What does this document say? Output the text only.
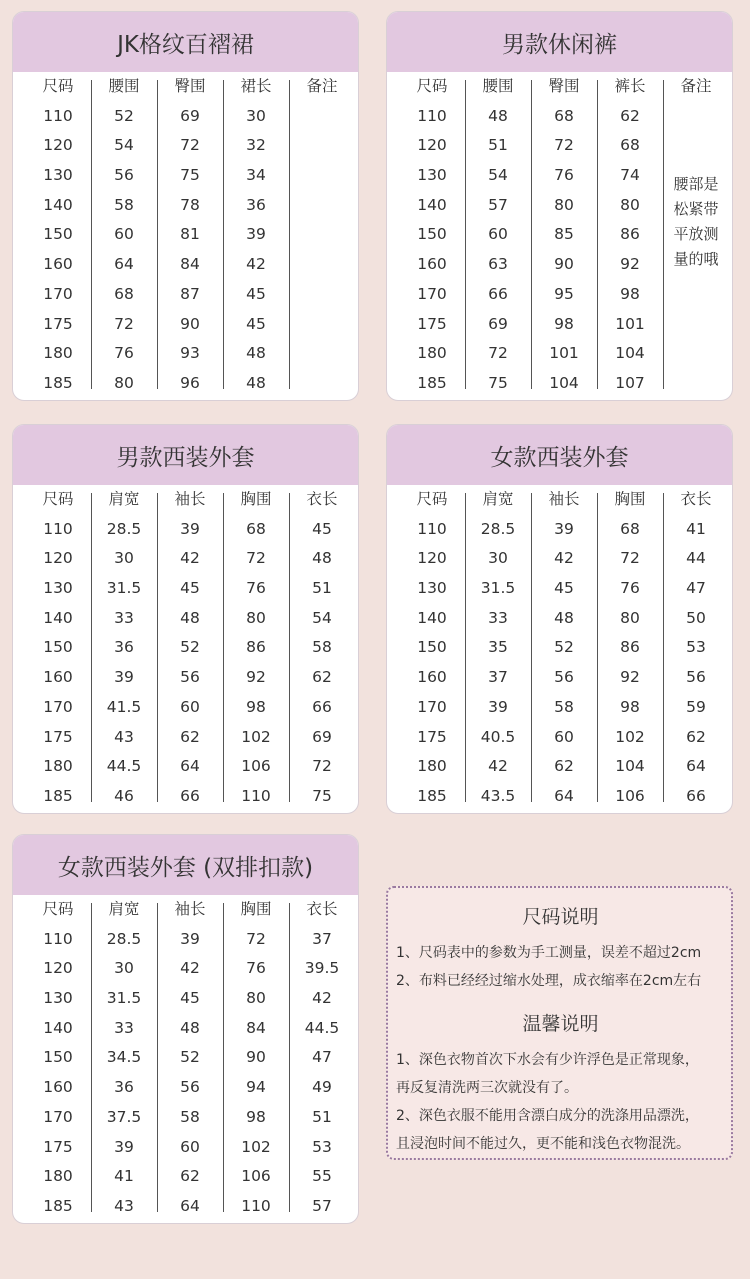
JK格纹百褶裙
尺码
110
120
130
140
150
160
170
175
180
185
腰围
52
54
56
58
60
64
68
72
76
80
臀围
69
72
75
78
81
84
87
90
93
96
裙长
30
32
34
36
39
42
45
45
48
48
备注
男款休闲裤
尺码
110
120
130
140
150
160
170
175
180
185
腰围
48
51
54
57
60
63
66
69
72
75
臀围
68
72
76
80
85
90
95
98
101
104
裤长
62
68
74
80
86
92
98
101
104
107
备注
腰部是
松紧带
平放测
量的哦
男款西装外套
尺码
110
120
130
140
150
160
170
175
180
185
肩宽
28.5
30
31.5
33
36
39
41.5
43
44.5
46
袖长
39
42
45
48
52
56
60
62
64
66
胸围
68
72
76
80
86
92
98
102
106
110
衣长
45
48
51
54
58
62
66
69
72
75
女款西装外套
尺码
110
120
130
140
150
160
170
175
180
185
肩宽
28.5
30
31.5
33
35
37
39
40.5
42
43.5
袖长
39
42
45
48
52
56
58
60
62
64
胸围
68
72
76
80
86
92
98
102
104
106
衣长
41
44
47
50
53
56
59
62
64
66
女款西装外套 (双排扣款)
尺码
110
120
130
140
150
160
170
175
180
185
肩宽
28.5
30
31.5
33
34.5
36
37.5
39
41
43
袖长
39
42
45
48
52
56
58
60
62
64
胸围
72
76
80
84
90
94
98
102
106
110
衣长
37
39.5
42
44.5
47
49
51
53
55
57
尺码说明
1、尺码表中的参数为手工测量，误差不超过2cm
2、布料已经经过缩水处理，成衣缩率在2cm左右
温馨说明
1、深色衣物首次下水会有少许浮色是正常现象，
再反复清洗两三次就没有了。
2、深色衣服不能用含漂白成分的洗涤用品漂洗，
且浸泡时间不能过久，更不能和浅色衣物混洗。
